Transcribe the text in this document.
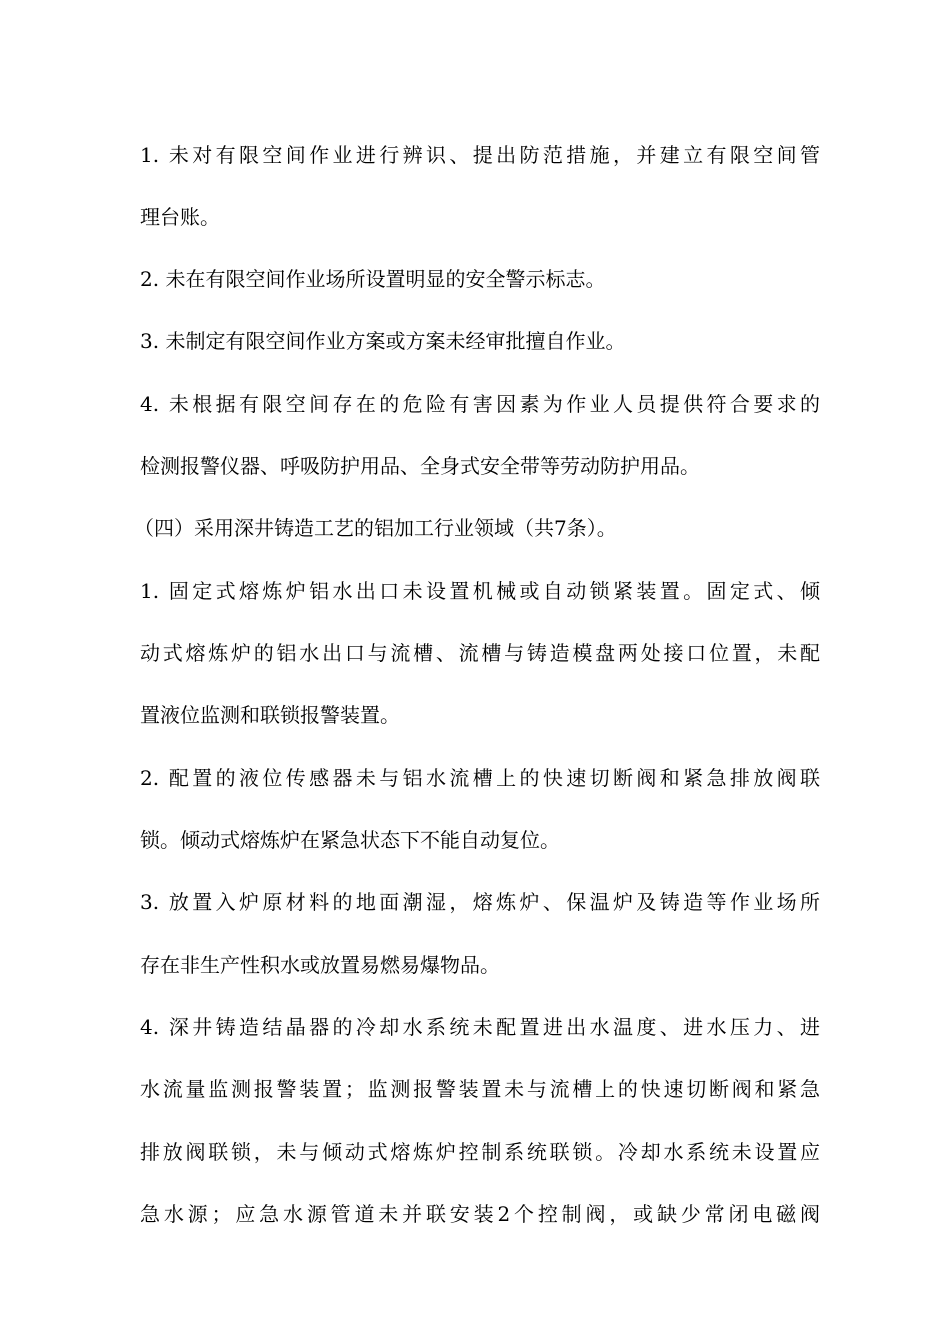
1. 未对有限空间作业进行辨识、提出防范措施，并建立有限空间管
理台账。
2. 未在有限空间作业场所设置明显的安全警示标志。
3. 未制定有限空间作业方案或方案未经审批擅自作业。
4. 未根据有限空间存在的危险有害因素为作业人员提供符合要求的
检测报警仪器、呼吸防护用品、全身式安全带等劳动防护用品。
（四）采用深井铸造工艺的铝加工行业领域（共7条）。
1. 固定式熔炼炉铝水出口未设置机械或自动锁紧装置。固定式、倾
动式熔炼炉的铝水出口与流槽、流槽与铸造模盘两处接口位置，未配
置液位监测和联锁报警装置。
2. 配置的液位传感器未与铝水流槽上的快速切断阀和紧急排放阀联
锁。倾动式熔炼炉在紧急状态下不能自动复位。
3. 放置入炉原材料的地面潮湿，熔炼炉、保温炉及铸造等作业场所
存在非生产性积水或放置易燃易爆物品。
4. 深井铸造结晶器的冷却水系统未配置进出水温度、进水压力、进
水流量监测报警装置；监测报警装置未与流槽上的快速切断阀和紧急
排放阀联锁，未与倾动式熔炼炉控制系统联锁。冷却水系统未设置应
急水源；应急水源管道未并联安装2个控制阀，或缺少常闭电磁阀
